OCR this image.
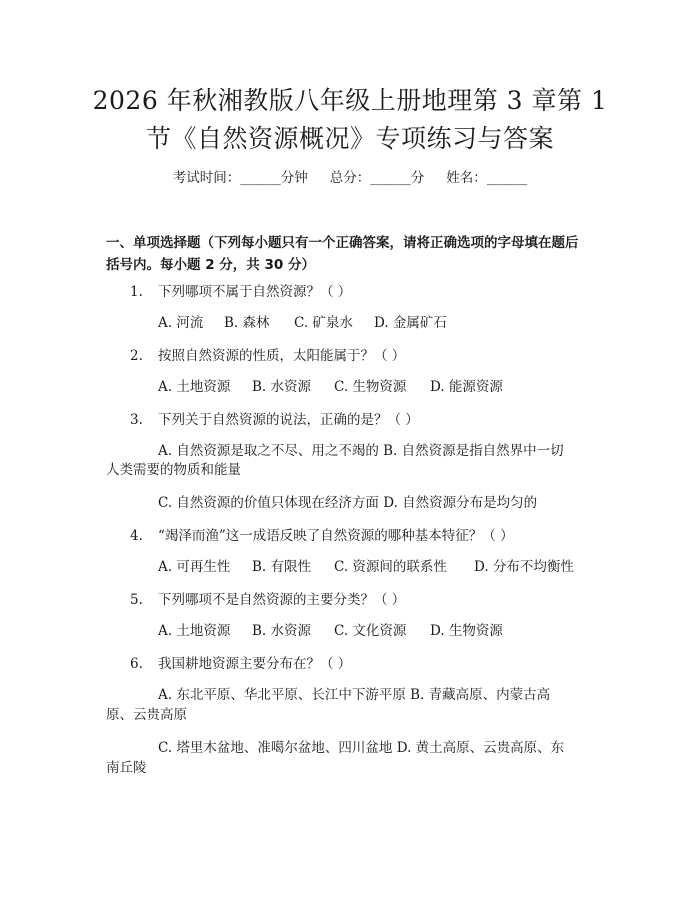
2026 年秋湘教版八年级上册地理第 3 章第 1
节《自然资源概况》专项练习与答案
考试时间：______分钟 总分：______分 姓名：______
一、单项选择题（下列每小题只有一个正确答案，请将正确选项的字母填在题后
括号内。每小题 2 分，共 30 分）
1. 下列哪项不属于自然资源？（ ）
A. 河流 B. 森林 C. 矿泉水 D. 金属矿石
2. 按照自然资源的性质，太阳能属于？（ ）
A. 土地资源 B. 水资源 C. 生物资源 D. 能源资源
3. 下列关于自然资源的说法，正确的是？（ ）
A. 自然资源是取之不尽、用之不竭的 B. 自然资源是指自然界中一切
人类需要的物质和能量
C. 自然资源的价值只体现在经济方面 D. 自然资源分布是均匀的
4. “竭泽而渔”这一成语反映了自然资源的哪种基本特征？（ ）
A. 可再生性 B. 有限性 C. 资源间的联系性 D. 分布不均衡性
5. 下列哪项不是自然资源的主要分类？（ ）
A. 土地资源 B. 水资源 C. 文化资源 D. 生物资源
6. 我国耕地资源主要分布在？（ ）
A. 东北平原、华北平原、长江中下游平原 B. 青藏高原、内蒙古高
原、云贵高原
C. 塔里木盆地、准噶尔盆地、四川盆地 D. 黄土高原、云贵高原、东
南丘陵
